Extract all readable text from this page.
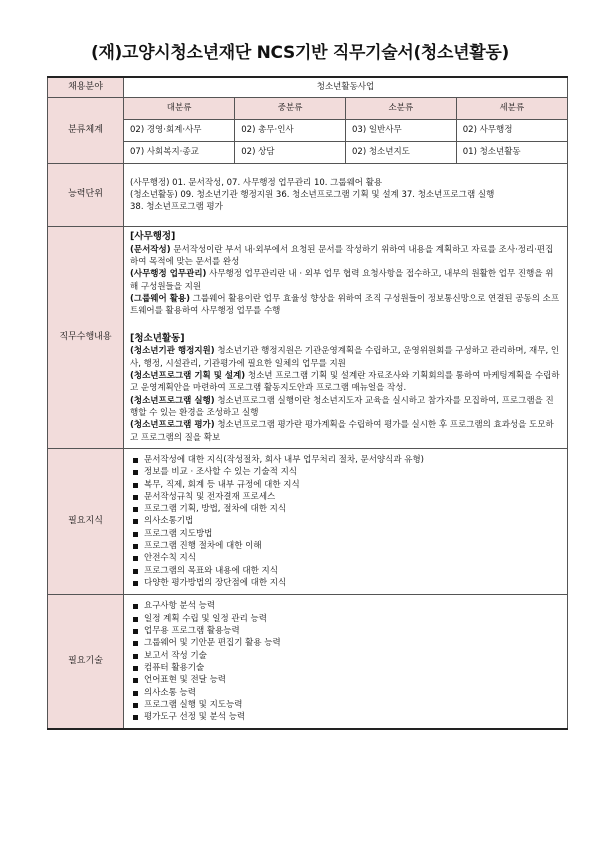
(재)고양시청소년재단 NCS기반 직무기술서(청소년활동)
채용분야	청소년활동사업
분류체계	
대분류	중분류	소분류	세분류
02) 경영·회계·사무	02) 총무·인사	03) 일반사무	02) 사무행정
07) 사회복지·종교	02) 상담	02) 청소년지도	01) 청소년활동

능력단위	
(사무행정) 01. 문서작성, 07. 사무행정 업무관리 10. 그룹웨어 활용
(청소년활동) 09. 청소년기관 행정지원 36. 청소년프로그램 기획 및 설계 37. 청소년프로그램 실행
38. 청소년프로그램 평가

직무수행내용	
[사무행정]
(문서작성) 문서작성이란 부서 내·외부에서 요청된 문서를 작성하기 위하여 내용을 계획하고 자료를 조사·정리·편집하여 목적에 맞는 문서를 완성
(사무행정 업무관리) 사무행정 업무관리란 내 · 외부 업무 협력 요청사항을 접수하고, 내부의 원활한 업무 진행을 위해 구성원들을 지원
(그룹웨어 활용) 그룹웨어 활용이란 업무 효율성 향상을 위하여 조직 구성원들이 정보통신망으로 연결된 공동의 소프트웨어를 활용하여 사무행정 업무를 수행
[청소년활동]
(청소년기관 행정지원) 청소년기관 행정지원은 기관운영계획을 수립하고, 운영위원회를 구성하고 관리하며, 재무, 인사, 행정, 시설관리, 기관평가에 필요한 일체의 업무를 지원
(청소년프로그램 기획 및 설계) 청소년 프로그램 기획 및 설계란 자료조사와 기획회의를 통하여 마케팅계획을 수립하고 운영계획안을 마련하여 프로그램 활동지도안과 프로그램 매뉴얼을 작성.
(청소년프로그램 실행) 청소년프로그램 실행이란 청소년지도자 교육을 실시하고 참가자를 모집하여, 프로그램을 진행할 수 있는 환경을 조성하고 실행
(청소년프로그램 평가) 청소년프로그램 평가란 평가계획을 수립하여 평가를 실시한 후 프로그램의 효과성을 도모하고 프로그램의 질을 확보

필요지식	
문서작성에 대한 지식(작성절차, 회사 내부 업무처리 절차, 문서양식과 유형)
정보를 비교 · 조사할 수 있는 기술적 지식
복무, 직제, 회계 등 내부 규정에 대한 지식
문서작성규칙 및 전자결재 프로세스
프로그램 기획, 방법, 절차에 대한 지식
의사소통기법
프로그램 지도방법
프로그램 진행 절차에 대한 이해
안전수칙 지식
프로그램의 목표와 내용에 대한 지식
다양한 평가방법의 장단점에 대한 지식

필요기술	
요구사항 분석 능력
일정 계획 수립 및 일정 관리 능력
업무용 프로그램 활용능력
그룹웨어 및 기안문 편집기 활용 능력
보고서 작성 기술
컴퓨터 활용기술
언어표현 및 전달 능력
의사소통 능력
프로그램 실행 및 지도능력
평가도구 선정 및 분석 능력
